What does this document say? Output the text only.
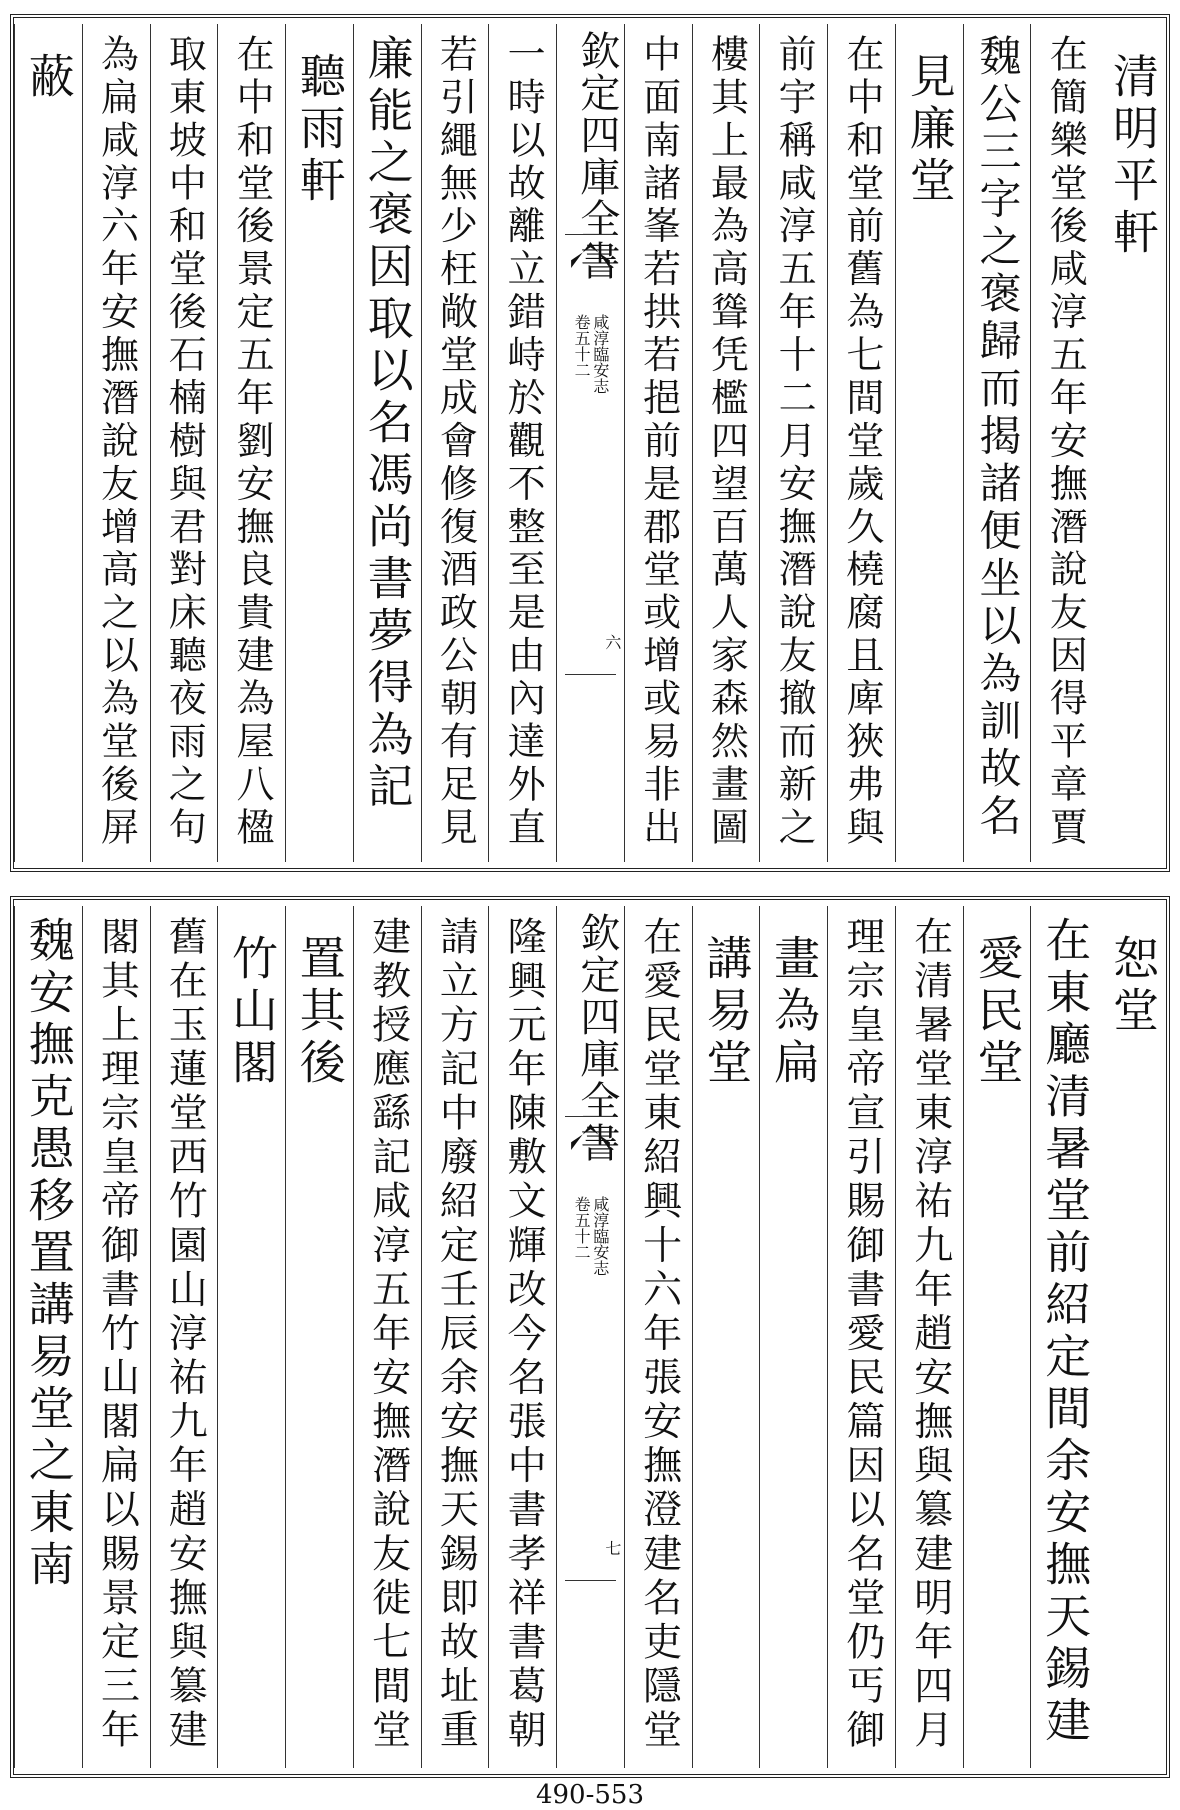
清明平軒
在簡樂堂後咸淳五年安撫潛說友因得平章賈
魏公三字之褒歸而揭諸便坐以為訓故名
見廉堂
在中和堂前舊為七間堂歲久橈腐且庳狹弗與
前宇稱咸淳五年十二月安撫潛說友撤而新之
樓其上最為高聳凭檻四望百萬人家森然畫圖
中面南諸峯若拱若挹前是郡堂或增或易非出
欽定四庫全書
咸淳臨安志
卷五十二
六
一時以故離立錯峙於觀不整至是由內達外直
若引繩無少枉敞堂成會修復酒政公朝有足見
廉能之褒因取以名馮尚書夢得為記
聽雨軒
在中和堂後景定五年劉安撫良貴建為屋八楹
取東坡中和堂後石楠樹與君對床聽夜雨之句
為扁咸淳六年安撫潛說友增高之以為堂後屏
蔽
恕堂
在東廳清暑堂前紹定間余安撫天錫建
愛民堂
在清暑堂東淳祐九年趙安撫與簒建明年四月
理宗皇帝宣引賜御書愛民篇因以名堂仍丐御
畫為扁
講易堂
在愛民堂東紹興十六年張安撫澄建名吏隱堂
欽定四庫全書
咸淳臨安志
卷五十二
七
隆興元年陳敷文輝改今名張中書孝祥書葛朝
請立方記中廢紹定壬辰余安撫天錫即故址重
建教授應繇記咸淳五年安撫潛說友徙七間堂
置其後
竹山閣
舊在玉蓮堂西竹園山淳祐九年趙安撫與簒建
閣其上理宗皇帝御書竹山閣扁以賜景定三年
魏安撫克愚移置講易堂之東南
490-553
